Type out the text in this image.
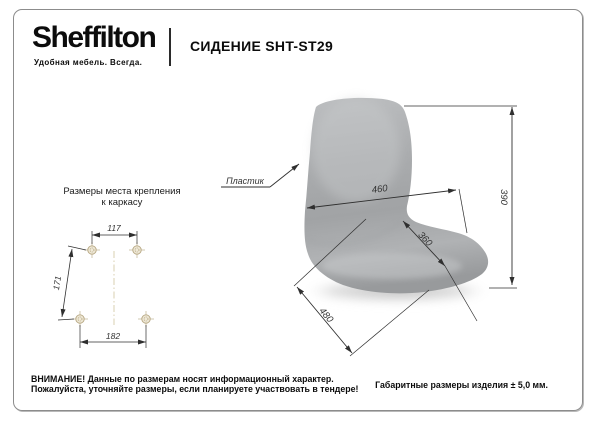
Sheffilton
Удобная мебель. Всегда.
СИДЕНИЕ SHT-ST29
Размеры места крепления
к каркасу
460	390
360
480
Пластик
117
171
182
ВНИМАНИЕ! Данные по размерам носят информационный характер.
Пожалуйста, уточняйте размеры, если планируете участвовать в тендере!	Габаритные размеры изделия ± 5,0 мм.
